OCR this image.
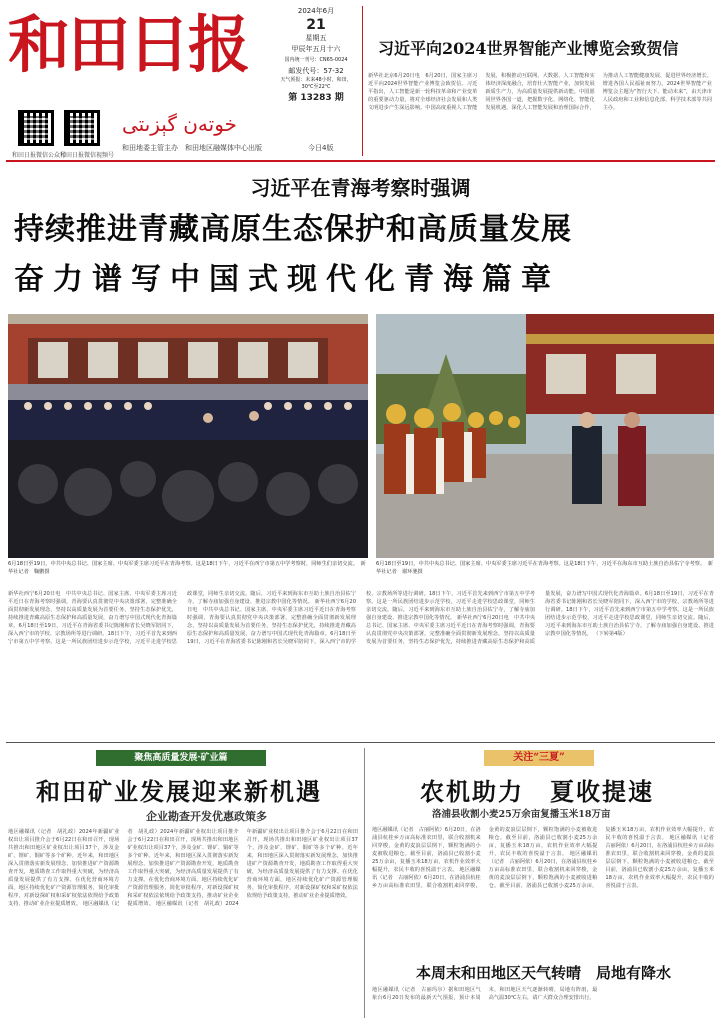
和田日报
خوتەن گېزىتى
和田日报微信公众号
和田日报微信视频号
2024年6月
21
星期五
甲辰年五月十六
国内统一刊号：CN65-0024
邮发代号：57-32
天气预报：未来48小时，和田，30℃至22℃
第 13283 期
和田地委主管主办　 和田地区融媒体中心出版	今日4版
习近平向2024世界智能产业博览会致贺信
新华社北京6月20日电　6月20日，国家主席习近平向2024世界智能产业博览会致贺信。习近平指出，人工智能是新一轮科技革命和产业变革的重要驱动力量，将对全球经济社会发展和人类文明进步产生深远影响。中国高度重视人工智能发展，积极推动互联网、大数据、人工智能和实体经济深度融合，培育壮大智能产业，加快发展新质生产力，为高质量发展提供新动能。中国愿同世界各国一道，把握数字化、网络化、智能化发展机遇，深化人工智能发展和治理国际合作，为推动人工智能健康发展、促进世界经济增长、增进各国人民福祉而努力。2024世界智能产业博览会主题为“智行天下、能动未来”，由天津市人民政府和工业和信息化部、科学技术部等共同主办。
习近平在青海考察时强调
持续推进青藏高原生态保护和高质量发展
奋力谱写中国式现代化青海篇章
6月18日至19日，中共中央总书记、国家主席、中央军委主席习近平在青海考察。这是18日下午，习近平在西宁市第五中学考察时，同师生们亲切交流。　新华社记者　鞠鹏摄
6月18日至19日，中共中央总书记、国家主席、中央军委主席习近平在青海考察。这是18日下午，习近平在海东市互助土族自治县佑宁寺考察。　新华社记者　谢环驰摄
新华社西宁6月20日电　中共中央总书记、国家主席、中央军委主席习近平近日在青海考察时强调，青海要认真贯彻党中央决策部署，完整准确全面贯彻新发展理念，坚持以高质量发展为首要任务，坚持生态保护优先，持续推进青藏高原生态保护和高质量发展，奋力谱写中国式现代化青海篇章。6月18日至19日，习近平在青海省委书记陈刚和省长吴晓军陪同下，深入西宁市的学校、宗教场所等进行调研。18日下午，习近平首先来到西宁市第五中学考察。这是一所民族团结进步示范学校，习近平走进学校思政课堂，同师生亲切交流。随后，习近平来到海东市互助土族自治县佑宁寺，了解寺庙加强自身建设、推进宗教中国化等情况。 新华社西宁6月20日电　中共中央总书记、国家主席、中央军委主席习近平近日在青海考察时强调，青海要认真贯彻党中央决策部署，完整准确全面贯彻新发展理念，坚持以高质量发展为首要任务，坚持生态保护优先，持续推进青藏高原生态保护和高质量发展，奋力谱写中国式现代化青海篇章。6月18日至19日，习近平在青海省委书记陈刚和省长吴晓军陪同下，深入西宁市的学校、宗教场所等进行调研。18日下午，习近平首先来到西宁市第五中学考察。这是一所民族团结进步示范学校，习近平走进学校思政课堂，同师生亲切交流。随后，习近平来到海东市互助土族自治县佑宁寺，了解寺庙加强自身建设、推进宗教中国化等情况。 新华社西宁6月20日电　中共中央总书记、国家主席、中央军委主席习近平近日在青海考察时强调，青海要认真贯彻党中央决策部署，完整准确全面贯彻新发展理念，坚持以高质量发展为首要任务，坚持生态保护优先，持续推进青藏高原生态保护和高质量发展，奋力谱写中国式现代化青海篇章。6月18日至19日，习近平在青海省委书记陈刚和省长吴晓军陪同下，深入西宁市的学校、宗教场所等进行调研。18日下午，习近平首先来到西宁市第五中学考察。这是一所民族团结进步示范学校，习近平走进学校思政课堂，同师生亲切交流。随后，习近平来到海东市互助土族自治县佑宁寺，了解寺庙加强自身建设、推进宗教中国化等情况。 （下转第4版）
聚焦高质量发展·矿业篇
和田矿业发展迎来新机遇
企业勘查开发优惠政策多
地区融媒讯（记者　胡礼政）2024年新疆矿业权出让项目推介会于6月22日在和田召开，现场共推出和田地区矿业权出让项目37个，涉及金矿、锂矿、铜矿等多个矿种。近年来，和田地区深入贯彻落实新发展理念，加快推进矿产资源勘查开发，地质勘查工作取得重大突破，为经济高质量发展提供了有力支撑。在优化营商环境方面，地区持续优化矿产资源管理服务，简化审批程序，对新设探矿权和采矿权依法依规给予政策支持，推动矿业企业提质增效。 地区融媒讯（记者　胡礼政）2024年新疆矿业权出让项目推介会于6月22日在和田召开，现场共推出和田地区矿业权出让项目37个，涉及金矿、锂矿、铜矿等多个矿种。近年来，和田地区深入贯彻落实新发展理念，加快推进矿产资源勘查开发，地质勘查工作取得重大突破，为经济高质量发展提供了有力支撑。在优化营商环境方面，地区持续优化矿产资源管理服务，简化审批程序，对新设探矿权和采矿权依法依规给予政策支持，推动矿业企业提质增效。 地区融媒讯（记者　胡礼政）2024年新疆矿业权出让项目推介会于6月22日在和田召开，现场共推出和田地区矿业权出让项目37个，涉及金矿、锂矿、铜矿等多个矿种。近年来，和田地区深入贯彻落实新发展理念，加快推进矿产资源勘查开发，地质勘查工作取得重大突破，为经济高质量发展提供了有力支撑。在优化营商环境方面，地区持续优化矿产资源管理服务，简化审批程序，对新设探矿权和采矿权依法依规给予政策支持，推动矿业企业提质增效。
关注“三夏”
农机助力　夏收提速
洛浦县收割小麦25万余亩复播玉米18万亩
地区融媒讯（记者　古丽阿依）6月20日，在洛浦县杭桂乡万亩高标准农田里，联合收割机来回穿梭，金黄的麦浪层层倒下，颗粒饱满的小麦被收进粮仓。截至目前，洛浦县已收割小麦25万余亩，复播玉米18万亩，农机作业效率大幅提升，农民丰收的喜悦溢于言表。 地区融媒讯（记者　古丽阿依）6月20日，在洛浦县杭桂乡万亩高标准农田里，联合收割机来回穿梭，金黄的麦浪层层倒下，颗粒饱满的小麦被收进粮仓。截至目前，洛浦县已收割小麦25万余亩，复播玉米18万亩，农机作业效率大幅提升，农民丰收的喜悦溢于言表。 地区融媒讯（记者　古丽阿依）6月20日，在洛浦县杭桂乡万亩高标准农田里，联合收割机来回穿梭，金黄的麦浪层层倒下，颗粒饱满的小麦被收进粮仓。截至目前，洛浦县已收割小麦25万余亩，复播玉米18万亩，农机作业效率大幅提升，农民丰收的喜悦溢于言表。 地区融媒讯（记者　古丽阿依）6月20日，在洛浦县杭桂乡万亩高标准农田里，联合收割机来回穿梭，金黄的麦浪层层倒下，颗粒饱满的小麦被收进粮仓。截至目前，洛浦县已收割小麦25万余亩，复播玉米18万亩，农机作业效率大幅提升，农民丰收的喜悦溢于言表。
本周末和田地区天气转晴　局地有降水
地区融媒讯（记者　古丽玛尔）据和田地区气象台6月20日发布的最新天气预报，预计本周末，和田地区天气逐渐转晴，局地有阵雨，最高气温30℃左右，请广大群众合理安排出行。
